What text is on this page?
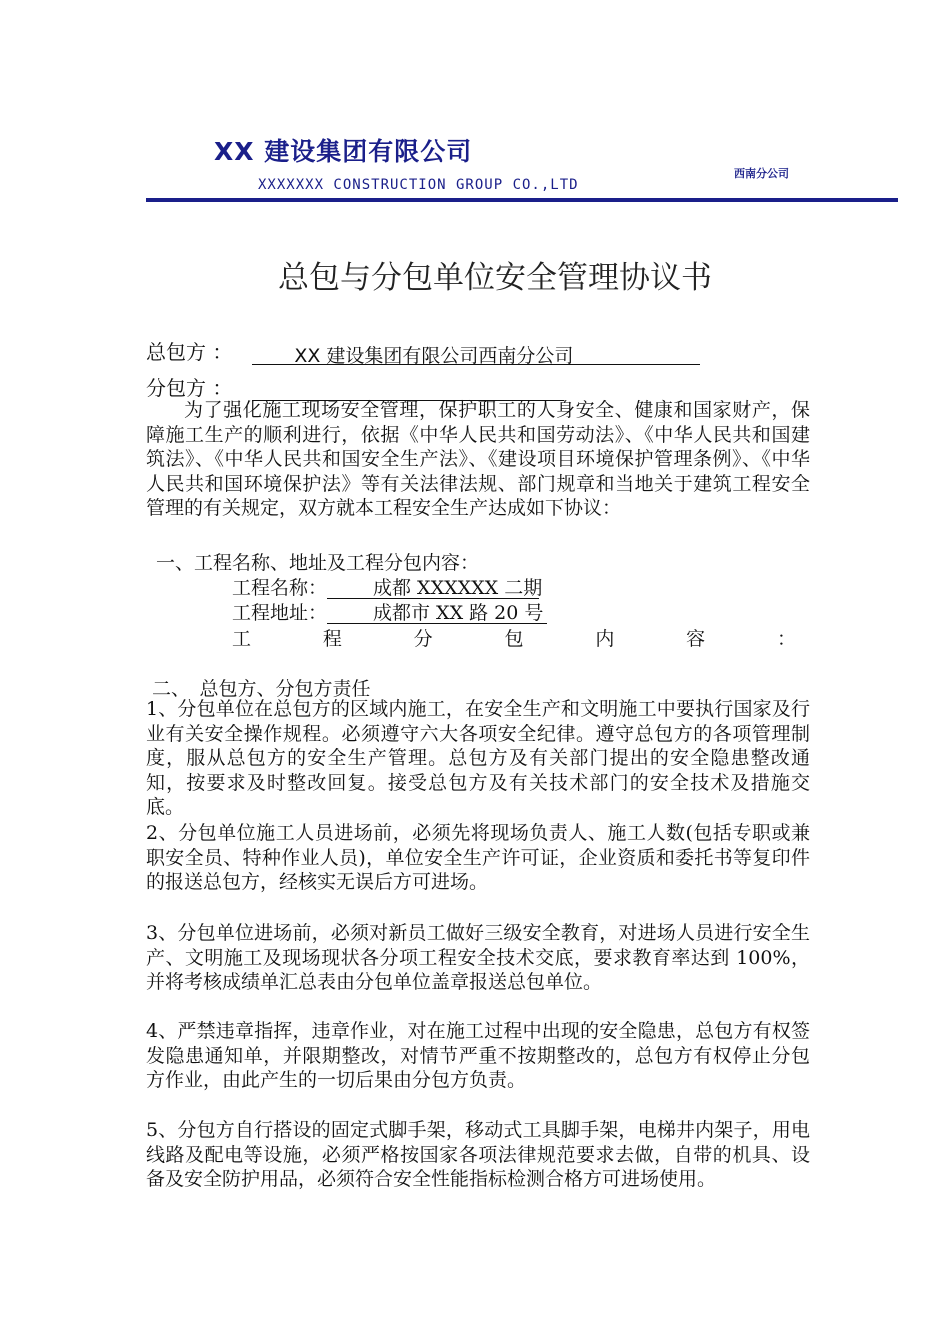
XX 建设集团有限公司
西南分公司
XXXXXXX CONSTRUCTION GROUP CO.,LTD
总包与分包单位安全管理协议书
总包方 ：	XX 建设集团有限公司西南分公司
分包方 ：
为了强化施工现场安全管理，保护职工的人身安全、健康和国家财产，保障施工生产的顺利进行，依据《中华人民共和国劳动法》、《中华人民共和国建筑法》、《中华人民共和国安全生产法》、《建设项目环境保护管理条例》、《中华人民共和国环境保护法》等有关法律法规、部门规章和当地关于建筑工程安全管理的有关规定，双方就本工程安全生产达成如下协议：
一、工程名称、地址及工程分包内容：
工程名称： 成都 XXXXXX 二期
工程地址： 成都市 XX 路 20 号
工	程	分	包	内	容	：
二、　总包方、分包方责任
1、分包单位在总包方的区域内施工，在安全生产和文明施工中要执行国家及行业有关安全操作规程。必须遵守六大各项安全纪律。遵守总包方的各项管理制度，服从总包方的安全生产管理。总包方及有关部门提出的安全隐患整改通知，按要求及时整改回复。接受总包方及有关技术部门的安全技术及措施交底。
2、分包单位施工人员进场前，必须先将现场负责人、施工人数(包括专职或兼职安全员、特种作业人员)，单位安全生产许可证，企业资质和委托书等复印件的报送总包方，经核实无误后方可进场。
3、分包单位进场前，必须对新员工做好三级安全教育，对进场人员进行安全生产、文明施工及现场现状各分项工程安全技术交底，要求教育率达到 100%，并将考核成绩单汇总表由分包单位盖章报送总包单位。
4、严禁违章指挥，违章作业，对在施工过程中出现的安全隐患，总包方有权签发隐患通知单，并限期整改，对情节严重不按期整改的，总包方有权停止分包方作业，由此产生的一切后果由分包方负责。
5、分包方自行搭设的固定式脚手架，移动式工具脚手架，电梯井内架子，用电线路及配电等设施，必须严格按国家各项法律规范要求去做，自带的机具、设备及安全防护用品，必须符合安全性能指标检测合格方可进场使用。
